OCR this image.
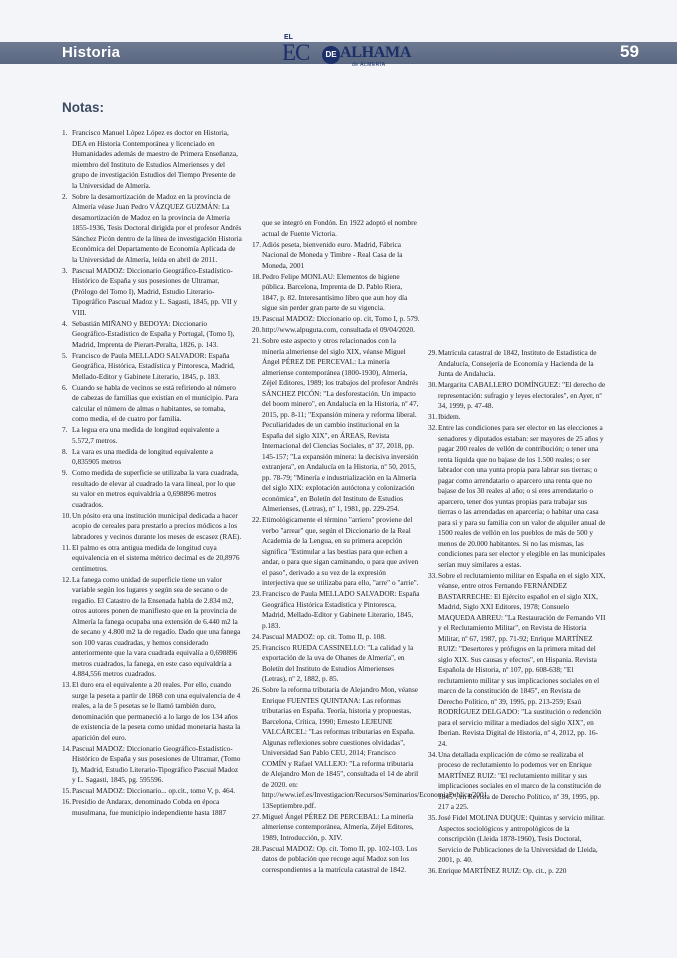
Historia
EL
EC	DE ALHAMA
de ALMERÍA
59
Notas:
1. Francisco Manuel López López es doctor en Historia, DEA en Historia Contemporánea y licenciado en Humanidades además de maestro de Primera Enseñanza, miembro del Instituto de Estudios Almerienses y del grupo de investigación Estudios del Tiempo Presente de la Universidad de Almería.
2. Sobre la desamortización de Madoz en la provincia de Almería véase Juan Pedro VÁZQUEZ GUZMÁN: La desamortización de Madoz en la provincia de Almería 1855-1936, Tesis Doctoral dirigida por el profesor Andrés Sánchez Picón dentro de la línea de investigación Historia Económica del Departamento de Economía Aplicada de la Universidad de Almería, leída en abril de 2011.
3. Pascual MADOZ: Diccionario Geográfico-Estadístico-Histórico de España y sus posesiones de Ultramar, (Prólogo del Tomo I), Madrid, Estudio Literario-Tipográfico Pascual Madoz y L. Sagasti, 1845, pp. VII y VIII.
4. Sebastián MIÑANO y BEDOYA: Diccionario Geográfico-Estadístico de España y Portugal, (Tomo I), Madrid, Imprenta de Pierart-Peralta, 1826, p. 143.
5. Francisco de Paula MELLADO SALVADOR: España Geográfica, Histórica, Estadística y Pintoresca, Madrid, Mellado-Editor y Gabinete Literario, 1845, p. 183.
6. Cuando se habla de vecinos se está refiriendo al número de cabezas de familias que existían en el municipio. Para calcular el número de almas o habitantes, se tomaba, como media, el de cuatro por familia.
7. La legua era una medida de longitud equivalente a 5.572,7 metros.
8. La vara es una medida de longitud equivalente a 0,835905 metros
9. Como medida de superficie se utilizaba la vara cuadrada, resultado de elevar al cuadrado la vara lineal, por lo que su valor en metros equivaldría a 0,698896 metros cuadrados.
10. Un pósito era una institución municipal dedicada a hacer acopio de cereales para prestarlo a precios módicos a los labradores y vecinos durante los meses de escasez (RAE).
11. El palmo es otra antigua medida de longitud cuya equivalencia en el sistema métrico decimal es de 20,8976 centímetros.
12. La fanega como unidad de superficie tiene un valor variable según los lugares y según sea de secano o de regadío. El Catastro de la Ensenada habla de 2.834 m2, otros autores ponen de manifiesto que en la provincia de Almería la fanega ocupaba una extensión de 6.440 m2 la de secano y 4.800 m2 la de regadío. Dado que una fanega son 100 varas cuadradas, y hemos considerado anteriormente que la vara cuadrada equivalía a 0,698896 metros cuadrados, la fanega, en este caso equivaldría a 4.884,556 metros cuadrados.
13. El duro era el equivalente a 20 reales. Por ello, cuando surge la peseta a partir de 1868 con una equivalencia de 4 reales, a la de 5 pesetas se le llamó también duro, denominación que permaneció a lo largo de los 134 años de existencia de la peseta como unidad monetaria hasta la aparición del euro.
14. Pascual MADOZ: Diccionario Geográfico-Estadístico-Histórico de España y sus posesiones de Ultramar, (Tomo I), Madrid, Estudio Literario-Tipográfico Pascual Madoz y L. Sagasti, 1845, pg. 595596.
15. Pascual MADOZ: Diccionario... op.cit., tomo V, p. 464.
16. Presidio de Andarax, denominado Cobda en época musulmana, fue municipio independiente hasta 1887
que se integró en Fondón. En 1922 adoptó el nombre actual de Fuente Victoria.
17. Adiós peseta, bienvenido euro. Madrid, Fábrica Nacional de Moneda y Timbre - Real Casa de la Moneda, 2001
18. Pedro Felipe MONLAU: Elementos de higiene pública. Barcelona, Imprenta de D. Pablo Riera, 1847, p. 82. Interesantísimo libro que aun hoy día sigue sin perder gran parte de su vigencia.
19. Pascual MADOZ: Diccionario op. cit, Tomo I, p. 579.
20. http://www.alpuguta.com, consultada el 09/04/2020.
21. Sobre este aspecto y otros relacionados con la minería almeriense del siglo XIX, véanse Miguel Ángel PÉREZ DE PERCEVAL: La minería almeriense contemporánea (1800-1930), Almería, Zéjel Editores, 1989; los trabajos del profesor Andrés SÁNCHEZ PICÓN: "La desforestación. Un impacto del boom minero", en Andalucía en la Historia, nº 47, 2015, pp. 8-11; "Expansión minera y reforma liberal. Peculiaridades de un cambio institucional en la España del siglo XIX", en ÁREAS, Revista Internacional del Ciencias Sociales, nº 37, 2018, pp. 145-157; "La expansión minera: la decisiva inversión extranjera", en Andalucía en la Historia, nº 50, 2015, pp. 78-79; "Minería e industrialización en la Almería del siglo XIX: explotación autóctona y colonización económica", en Boletín del Instituto de Estudios Almerienses, (Letras), nº 1, 1981, pp. 229-254.
22. Etimológicamente el término "arriero" proviene del verbo "arrear" que, según el Diccionario de la Real Academia de la Lengua, en su primera acepción significa "Estimular a las bestias para que echen a andar, o para que sigan caminando, o para que aviven el paso", derivado a su vez de la expresión interjectiva que se utilizaba para ello, "arre" o "arrie".
23. Francisco de Paula MELLADO SALVADOR: España Geográfica Histórica Estadística y Pintoresca, Madrid, Mellado-Editor y Gabinete Literario, 1845, p.183.
24. Pascual MADOZ: op. cit. Tomo II, p. 108.
25. Francisco RUEDA CASSINELLO: "La calidad y la exportación de la uva de Ohanes de Almería", en Boletín del Instituto de Estudios Almerienses (Letras), nº 2, 1882, p. 85.
26. Sobre la reforma tributaria de Alejandro Mon, véanse Enrique FUENTES QUINTANA: Las reformas tributarias en España. Teoría, historia y propuestas, Barcelona, Crítica, 1990; Ernesto LEJEUNE VALCÁRCEL: "Las reformas tributarias en España. Algunas reflexiones sobre cuestiones olvidadas", Universidad San Pablo CEU, 2014; Francisco COMÍN y Rafael VALLEJO: "La reforma tributaria de Alejandro Mon de 1845", consultada el 14 de abril de 2020. en: http://www.ief.es/Investigacion/Recursos/Seminarios/EconomiaPublica/2001 13Septiembre.pdf.
27. Miguel Ángel PÉREZ DE PERCEBAL: La minería almeriense contemporánea, Almería, Zéjel Editores, 1989, Introducción, p. XIV.
28. Pascual MADOZ: Op. cit. Tomo II, pp. 102-103. Los datos de población que recoge aquí Madoz son los correspondientes a la matrícula catastral de 1842.
29. Matrícula catastral de 1842, Instituto de Estadística de Andalucía, Consejería de Economía y Hacienda de la Junta de Andalucía.
30. Margarita CABALLERO DOMÍNGUEZ: "El derecho de representación: sufragio y leyes electorales", en Ayer, nº 34, 1999, p. 47-48.
31. Ibidem.
32. Entre las condiciones para ser elector en las elecciones a senadores y diputados estaban: ser mayores de 25 años y pagar 200 reales de vellón de contribución; o tener una renta líquida que no bajase de los 1.500 reales; o ser labrador con una yunta propia para labrar sus tierras; o pagar como arrendatario o aparcero una renta que no bajase de los 30 reales al año; o si eres arrendatario o aparcero, tener dos yuntas propias para trabajar sus tierras o las arrendadas en aparcería; o habitar una casa para sí y para su familia con un valor de alquiler anual de 1500 reales de vellón en los pueblos de más de 500 y menos de 20.000 habitantes. Si no las mismas, las condiciones para ser elector y elegible en las municipales serían muy similares a estas.
33. Sobre el reclutamiento militar en España en el siglo XIX, véanse, entre otros Fernando FERNÁNDEZ BASTARRECHE: El Ejército español en el siglo XIX, Madrid, Siglo XXI Editores, 1978; Consuelo MAQUEDA ABREU: "La Restauración de Fernando VII y el Reclutamiento Militar", en Revista de Historia Militar, nº 67, 1987, pp. 71-92; Enrique MARTÍNEZ RUIZ: "Desertores y prófugos en la primera mitad del siglo XIX. Sus causas y efectos", en Hispania. Revista Española de Historia, nº 107, pp. 608-638; "El reclutamiento militar y sus implicaciones sociales en el marco de la constitución de 1845", en Revista de Derecho Político, nº 39, 1995, pp. 213-259; Esaú RODRÍGUEZ DELGADO: "La sustitución o redención para el servicio militar a mediados del siglo XIX", en Iberian. Revista Digital de Historia, nº 4, 2012, pp. 16-24.
34. Una detallada explicación de cómo se realizaba el proceso de reclutamiento lo podemos ver en Enrique MARTÍNEZ RUIZ: "El reclutamiento militar y sus implicaciones sociales en el marco de la constitución de 1845", en Revista de Derecho Político, nº 39, 1995, pp. 217 a 225.
35. José Fidel MOLINA DUQUE: Quintas y servicio militar. Aspectos sociológicos y antropológicos de la conscripción (Lleida 1878-1960), Tesis Doctoral, Servicio de Publicaciones de la Universidad de Lleida, 2001, p. 40.
36. Enrique MARTÍNEZ RUIZ: Op. cit., p. 220
